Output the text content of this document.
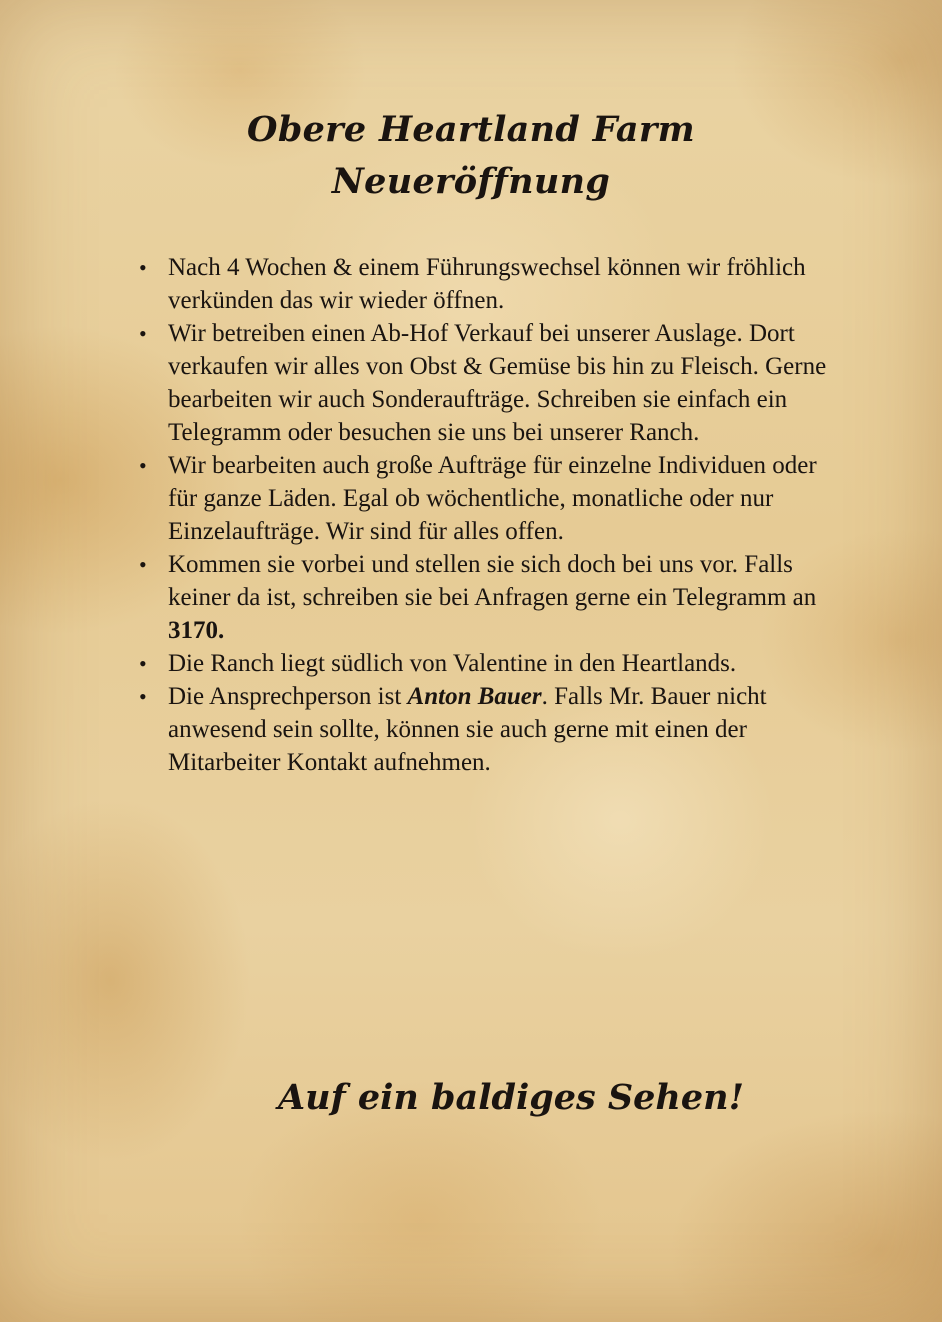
Obere Heartland Farm
Neueröffnung
• Nach 4 Wochen & einem Führungswechsel können wir fröhlich verkünden das wir wieder öffnen.
• Wir betreiben einen Ab-Hof Verkauf bei unserer Auslage. Dort verkaufen wir alles von Obst & Gemüse bis hin zu Fleisch. Gerne bearbeiten wir auch Sonderaufträge. Schreiben sie einfach ein Telegramm oder besuchen sie uns bei unserer Ranch.
• Wir bearbeiten auch große Aufträge für einzelne Individuen oder für ganze Läden. Egal ob wöchentliche, monatliche oder nur Einzelaufträge. Wir sind für alles offen.
• Kommen sie vorbei und stellen sie sich doch bei uns vor. Falls keiner da ist, schreiben sie bei Anfragen gerne ein Telegramm an 3170.
• Die Ranch liegt südlich von Valentine in den Heartlands.
• Die Ansprechperson ist Anton Bauer. Falls Mr. Bauer nicht anwesend sein sollte, können sie auch gerne mit einen der Mitarbeiter Kontakt aufnehmen.

Auf ein baldiges Sehen!
